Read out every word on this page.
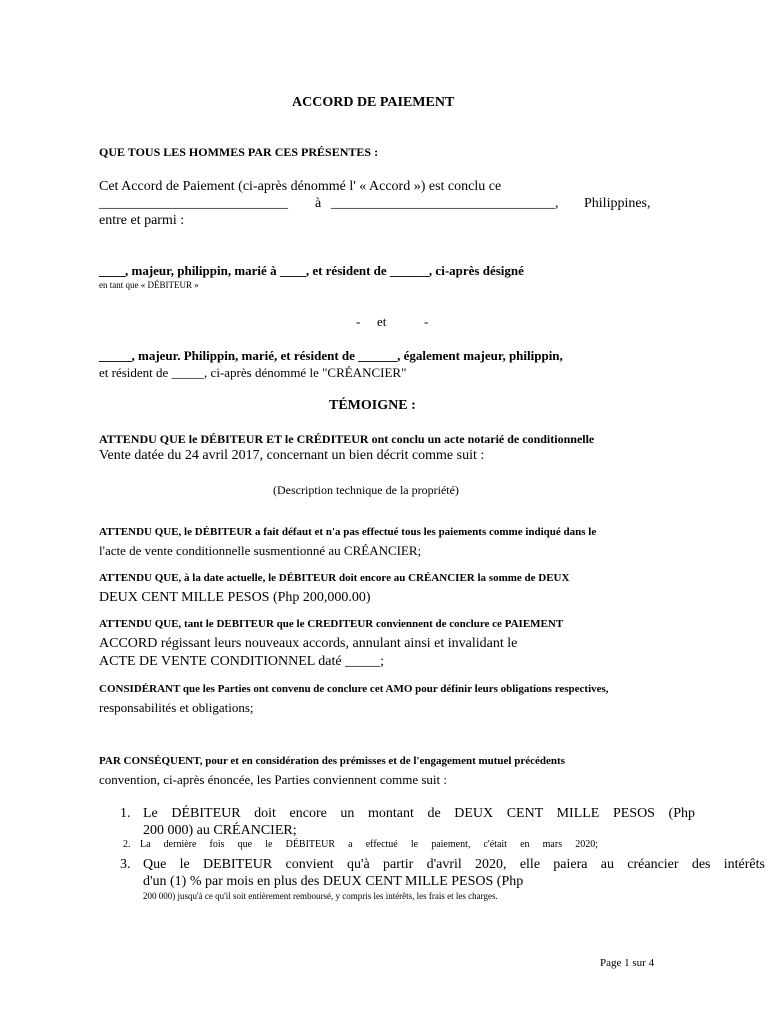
ACCORD DE PAIEMENT
QUE TOUS LES HOMMES PAR CES PRÉSENTES :
Cet Accord de Paiement (ci-après dénommé l' « Accord ») est conclu ce
___________________________ à ________________________________, Philippines,
entre et parmi :
____, majeur, philippin, marié à ____, et résident de ______, ci-après désigné
en tant que « DÉBITEUR »
- et	-
_____, majeur. Philippin, marié, et résident de ______, également majeur, philippin,
et résident de _____, ci-après dénommé le "CRÉANCIER"
TÉMOIGNE :
ATTENDU QUE le DÉBITEUR ET le CRÉDITEUR ont conclu un acte notarié de conditionnelle
Vente datée du 24 avril 2017, concernant un bien décrit comme suit :
(Description technique de la propriété)
ATTENDU QUE, le DÉBITEUR a fait défaut et n'a pas effectué tous les paiements comme indiqué dans le
l'acte de vente conditionnelle susmentionné au CRÉANCIER;
ATTENDU QUE, à la date actuelle, le DÉBITEUR doit encore au CRÉANCIER la somme de DEUX
DEUX CENT MILLE PESOS (Php 200,000.00)
ATTENDU QUE, tant le DEBITEUR que le CREDITEUR conviennent de conclure ce PAIEMENT
ACCORD régissant leurs nouveaux accords, annulant ainsi et invalidant le
ACTE DE VENTE CONDITIONNEL daté _____;
CONSIDÉRANT que les Parties ont convenu de conclure cet AMO pour définir leurs obligations respectives,
responsabilités et obligations;
PAR CONSÉQUENT, pour et en considération des prémisses et de l'engagement mutuel précédents
convention, ci-après énoncée, les Parties conviennent comme suit :
1. Le DÉBITEUR doit encore un montant de DEUX CENT MILLE PESOS (Php
200 000) au CRÉANCIER;
2. La dernière fois que le DÉBITEUR a effectué le paiement, c'était en mars 2020;
3. Que le DEBITEUR convient qu'à partir d'avril 2020, elle paiera au créancier des intérêts
d'un (1) % par mois en plus des DEUX CENT MILLE PESOS (Php
200 000) jusqu'à ce qu'il soit entièrement remboursé, y compris les intérêts, les frais et les charges.
Page 1 sur 4
